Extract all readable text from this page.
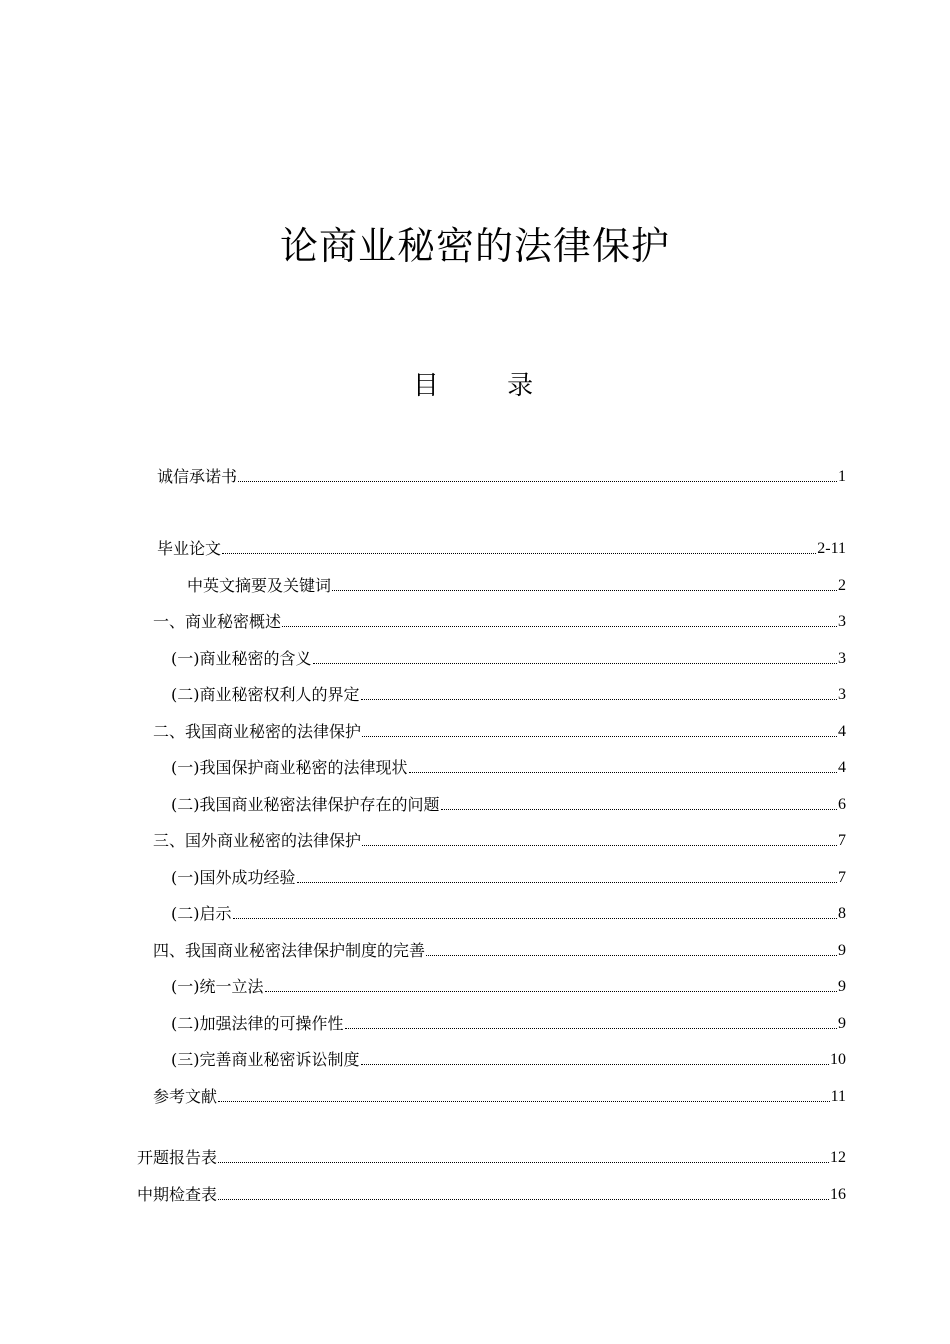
论商业秘密的法律保护
目 录
诚信承诺书	1
毕业论文	2-11
中英文摘要及关键词	2
一、商业秘密概述	3
(一)商业秘密的含义	3
(二)商业秘密权利人的界定	3
二、我国商业秘密的法律保护	4
(一)我国保护商业秘密的法律现状	4
(二)我国商业秘密法律保护存在的问题	6
三、国外商业秘密的法律保护	7
(一)国外成功经验	7
(二)启示	8
四、我国商业秘密法律保护制度的完善	9
(一)统一立法	9
(二)加强法律的可操作性	9
(三)完善商业秘密诉讼制度	10
参考文献	11
开题报告表	12
中期检查表	16
